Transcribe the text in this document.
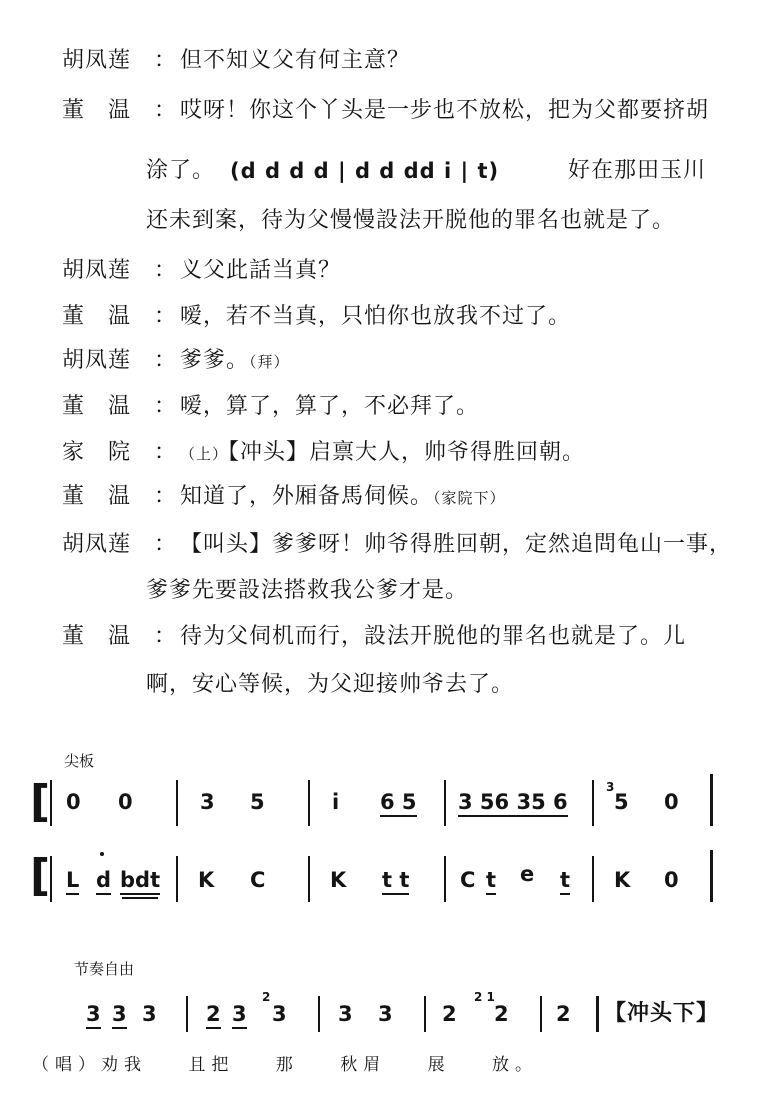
胡凤莲	： 但不知义父有何主意？
董　温	： 哎呀！你这个丫头是一步也不放松，把为父都要挤胡
涂了。 (d d d d | d d dd i | t)	好在那田玉川
还未到案，待为父慢慢設法开脱他的罪名也就是了。
胡凤莲	： 义父此話当真？
董　温	： 嗳，若不当真，只怕你也放我不过了。
胡凤莲	： 爹爹。（拜）
董　温	： 嗳，算了，算了，不必拜了。
家　院	： （上）【冲头】启禀大人，帅爷得胜回朝。
董　温	： 知道了，外厢备馬伺候。（家院下）
胡凤莲	： 【叫头】爹爹呀！帅爷得胜回朝，定然追問龟山一事，
爹爹先要設法搭救我公爹才是。
董　温	： 待为父伺机而行，設法开脱他的罪名也就是了。儿
啊，安心等候，为父迎接帅爷去了。
尖板
[
[
0 0	3 5	i 6 5 3 56 35 6
3
5 0
L d bdt K C	K t t C t e t K 0
节奏自由
3 3 3 2 3
2
3 3 3 2
2 1
2 2 【冲头下】
（唱）劝我 且把 那 秋眉 展 放。
